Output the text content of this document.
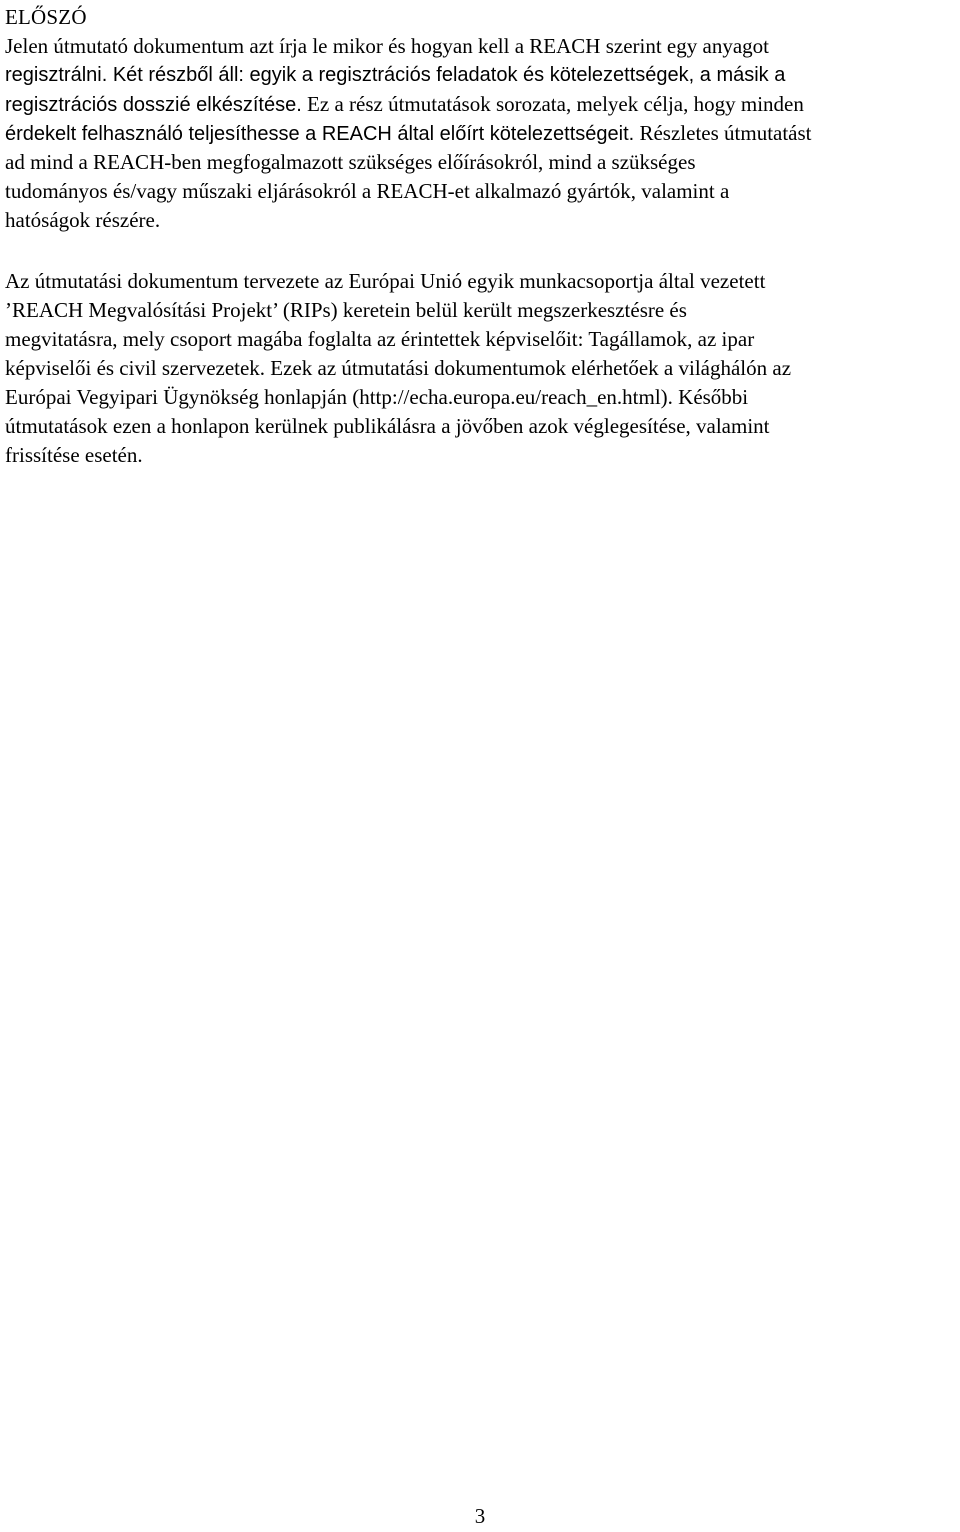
ELŐSZÓ
Jelen útmutató dokumentum azt írja le mikor és hogyan kell a REACH szerint egy anyagot
regisztrálni. Két részből áll: egyik a regisztrációs feladatok és kötelezettségek, a másik a
regisztrációs dosszié elkészítése. Ez a rész útmutatások sorozata, melyek célja, hogy minden
érdekelt felhasználó teljesíthesse a REACH által előírt kötelezettségeit. Részletes útmutatást
ad mind a REACH-ben megfogalmazott szükséges előírásokról, mind a szükséges
tudományos és/vagy műszaki eljárásokról a REACH-et alkalmazó gyártók, valamint a
hatóságok részére.
Az útmutatási dokumentum tervezete az Európai Unió egyik munkacsoportja által vezetett
’REACH Megvalósítási Projekt’ (RIPs) keretein belül került megszerkesztésre és
megvitatásra, mely csoport magába foglalta az érintettek képviselőit: Tagállamok, az ipar
képviselői és civil szervezetek. Ezek az útmutatási dokumentumok elérhetőek a világhálón az
Európai Vegyipari Ügynökség honlapján (http://echa.europa.eu/reach_en.html). Későbbi
útmutatások ezen a honlapon kerülnek publikálásra a jövőben azok véglegesítése, valamint
frissítése esetén.
3
